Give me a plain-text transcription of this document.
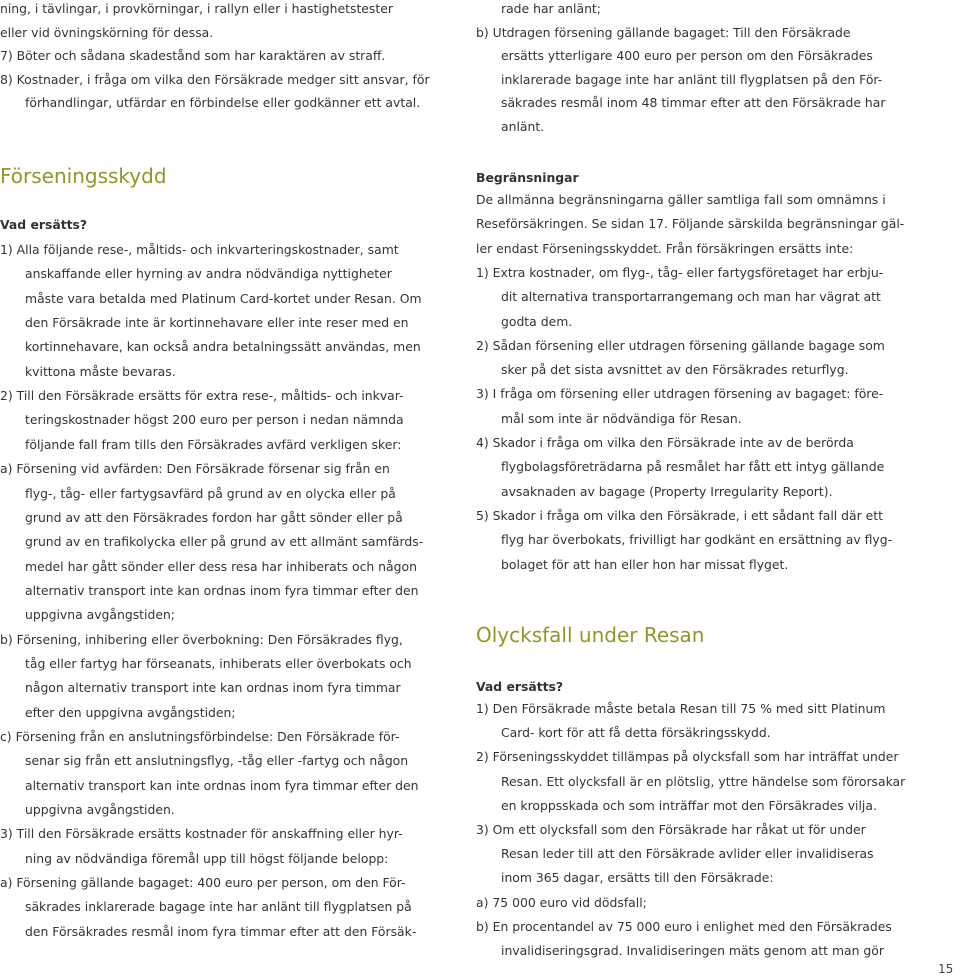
ning, i tävlingar, i provkörningar, i rallyn eller i hastighetstester
eller vid övningskörning för dessa.
7) Böter och sådana skadestånd som har karaktären av straff.
8) Kostnader, i fråga om vilka den Försäkrade medger sitt ansvar, för
förhandlingar, utfärdar en förbindelse eller godkänner ett avtal.
Förseningsskydd
Vad ersätts?
1) Alla följande rese-, måltids- och inkvarteringskostnader, samt
anskaffande eller hyrning av andra nödvändiga nyttigheter
måste vara betalda med Platinum Card-kortet under Resan. Om
den Försäkrade inte är kortinnehavare eller inte reser med en
kortinnehavare, kan också andra betalningssätt användas, men
kvittona måste bevaras.
2) Till den Försäkrade ersätts för extra rese-, måltids- och inkvar-
teringskostnader högst 200 euro per person i nedan nämnda
följande fall fram tills den Försäkrades avfärd verkligen sker:
a) Försening vid avfärden: Den Försäkrade försenar sig från en
flyg-, tåg- eller fartygsavfärd på grund av en olycka eller på
grund av att den Försäkrades fordon har gått sönder eller på
grund av en trafikolycka eller på grund av ett allmänt samfärds-
medel har gått sönder eller dess resa har inhiberats och någon
alternativ transport inte kan ordnas inom fyra timmar efter den
uppgivna avgångstiden;
b) Försening, inhibering eller överbokning: Den Försäkrades flyg,
tåg eller fartyg har förseanats, inhiberats eller överbokats och
någon alternativ transport inte kan ordnas inom fyra timmar
efter den uppgivna avgångstiden;
c) Försening från en anslutningsförbindelse: Den Försäkrade för-
senar sig från ett anslutningsflyg, -tåg eller -fartyg och någon
alternativ transport kan inte ordnas inom fyra timmar efter den
uppgivna avgångstiden.
3) Till den Försäkrade ersätts kostnader för anskaffning eller hyr-
ning av nödvändiga föremål upp till högst följande belopp:
a) Försening gällande bagaget: 400 euro per person, om den För-
säkrades inklarerade bagage inte har anlänt till flygplatsen på
den Försäkrades resmål inom fyra timmar efter att den Försäk-
rade har anlänt;
b) Utdragen försening gällande bagaget: Till den Försäkrade
ersätts ytterligare 400 euro per person om den Försäkrades
inklarerade bagage inte har anlänt till flygplatsen på den För-
säkrades resmål inom 48 timmar efter att den Försäkrade har
anlänt.
Begränsningar
De allmänna begränsningarna gäller samtliga fall som omnämns i
Reseförsäkringen. Se sidan 17. Följande särskilda begränsningar gäl-
ler endast Förseningsskyddet. Från försäkringen ersätts inte:
1) Extra kostnader, om flyg-, tåg- eller fartygsföretaget har erbju-
dit alternativa transportarrangemang och man har vägrat att
godta dem.
2) Sådan försening eller utdragen försening gällande bagage som
sker på det sista avsnittet av den Försäkrades returflyg.
3) I fråga om försening eller utdragen försening av bagaget: före-
mål som inte är nödvändiga för Resan.
4) Skador i fråga om vilka den Försäkrade inte av de berörda
flygbolagsföreträdarna på resmålet har fått ett intyg gällande
avsaknaden av bagage (Property Irregularity Report).
5) Skador i fråga om vilka den Försäkrade, i ett sådant fall där ett
flyg har överbokats, frivilligt har godkänt en ersättning av flyg-
bolaget för att han eller hon har missat flyget.
Olycksfall under Resan
Vad ersätts?
1) Den Försäkrade måste betala Resan till 75 % med sitt Platinum
Card- kort för att få detta försäkringsskydd.
2) Förseningsskyddet tillämpas på olycksfall som har inträffat under
Resan. Ett olycksfall är en plötslig, yttre händelse som förorsakar
en kroppsskada och som inträffar mot den Försäkrades vilja.
3) Om ett olycksfall som den Försäkrade har råkat ut för under
Resan leder till att den Försäkrade avlider eller invalidiseras
inom 365 dagar, ersätts till den Försäkrade:
a) 75 000 euro vid dödsfall;
b) En procentandel av 75 000 euro i enlighet med den Försäkrades
invalidiseringsgrad. Invalidiseringen mäts genom att man gör
15
